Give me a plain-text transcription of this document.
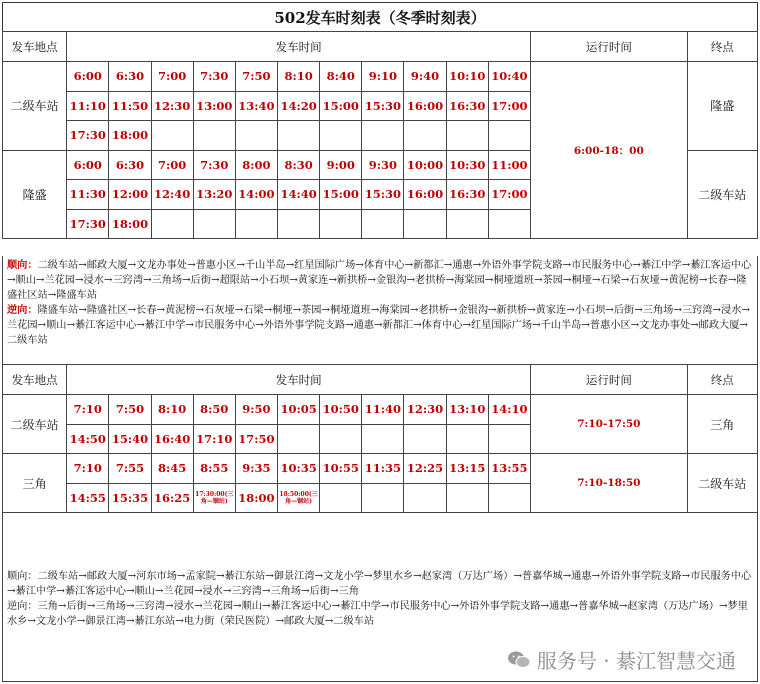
502发车时刻表（冬季时刻表）
发车地点	发车时间											运行时间	终点
二级车站	6:00	6:30	7:00	7:30	7:50	8:10	8:40	9:10	9:40	10:10	10:40	6:00-18：00	隆盛
	11:10	11:50	12:30	13:00	13:40	14:20	15:00	15:30	16:00	16:30	17:00		
	17:30	18:00											
隆盛	6:00	6:30	7:00	7:30	8:00	8:30	9:00	9:30	10:00	10:30	11:00		二级车站
	11:30	12:00	12:40	13:20	14:00	14:40	15:00	15:30	16:00	16:30	17:00		
	17:30	18:00											

顺向：二级车站→邮政大厦→文龙办事处→普惠小区→千山半岛→红星国际广场→体育中心→新都汇→通惠→外语外事学院支路→市民服务中心→綦江中学→綦江客运中心→顺山→兰花园→浸水→三窍湾→三角场→后街→超限站→小石坝→黄家连→新拱桥→金银沟→老拱桥→海棠园→桐垭道班→茶园→桐垭→石梁→石灰垭→黄泥榜→长春→隆盛社区站→隆盛车站

逆向：隆盛车站→隆盛社区→长春→黄泥榜→石灰垭→石梁→桐垭→茶园→桐垭道班→海棠园→老拱桥→金银沟→新拱桥→黄家连→小石坝→后街→三角场→三窍湾→浸水→兰花园→顺山→綦江客运中心→綦江中学→市民服务中心→外语外事学院支路→通惠→新都汇→体育中心→红星国际广场→千山半岛→普惠小区→文龙办事处→邮政大厦→二级车站

发车地点	发车时间											运行时间	终点
二级车站	7:10	7:50	8:10	8:50	9:50	10:05	10:50	11:40	12:30	13:10	14:10	7:10-17:50	三角
	14:50	15:40	16:40	17:10	17:50								
三角	7:10	7:55	8:45	8:55	9:35	10:35	10:55	11:35	12:25	13:15	13:55	7:10-18:50	二级车站
	14:55	15:35	16:25	17:30:00(三角—锢站)	18:00	18:50:00(三角—锢站)							

顺向：二级车站→邮政大厦→河东市场→孟家院→綦江东站→御景江湾→文龙小学→梦里水乡→赵家湾（万达广场）→普嘉华城→通惠→外语外事学院支路→市民服务中心→綦江中学→綦江客运中心→顺山→兰花园→浸水→三窍湾→三角场→后街→三角

逆向：三角→后街→三角场→三窍湾→浸水→兰花园→顺山→綦江客运中心→綦江中学→市民服务中心→外语外事学院支路→通惠→普嘉华城→赵家湾（万达广场）→梦里水乡→文龙小学→御景江湾→綦江东站→电力街（荣民医院）→邮政大厦→二级车站

服务号 · 綦江智慧交通
